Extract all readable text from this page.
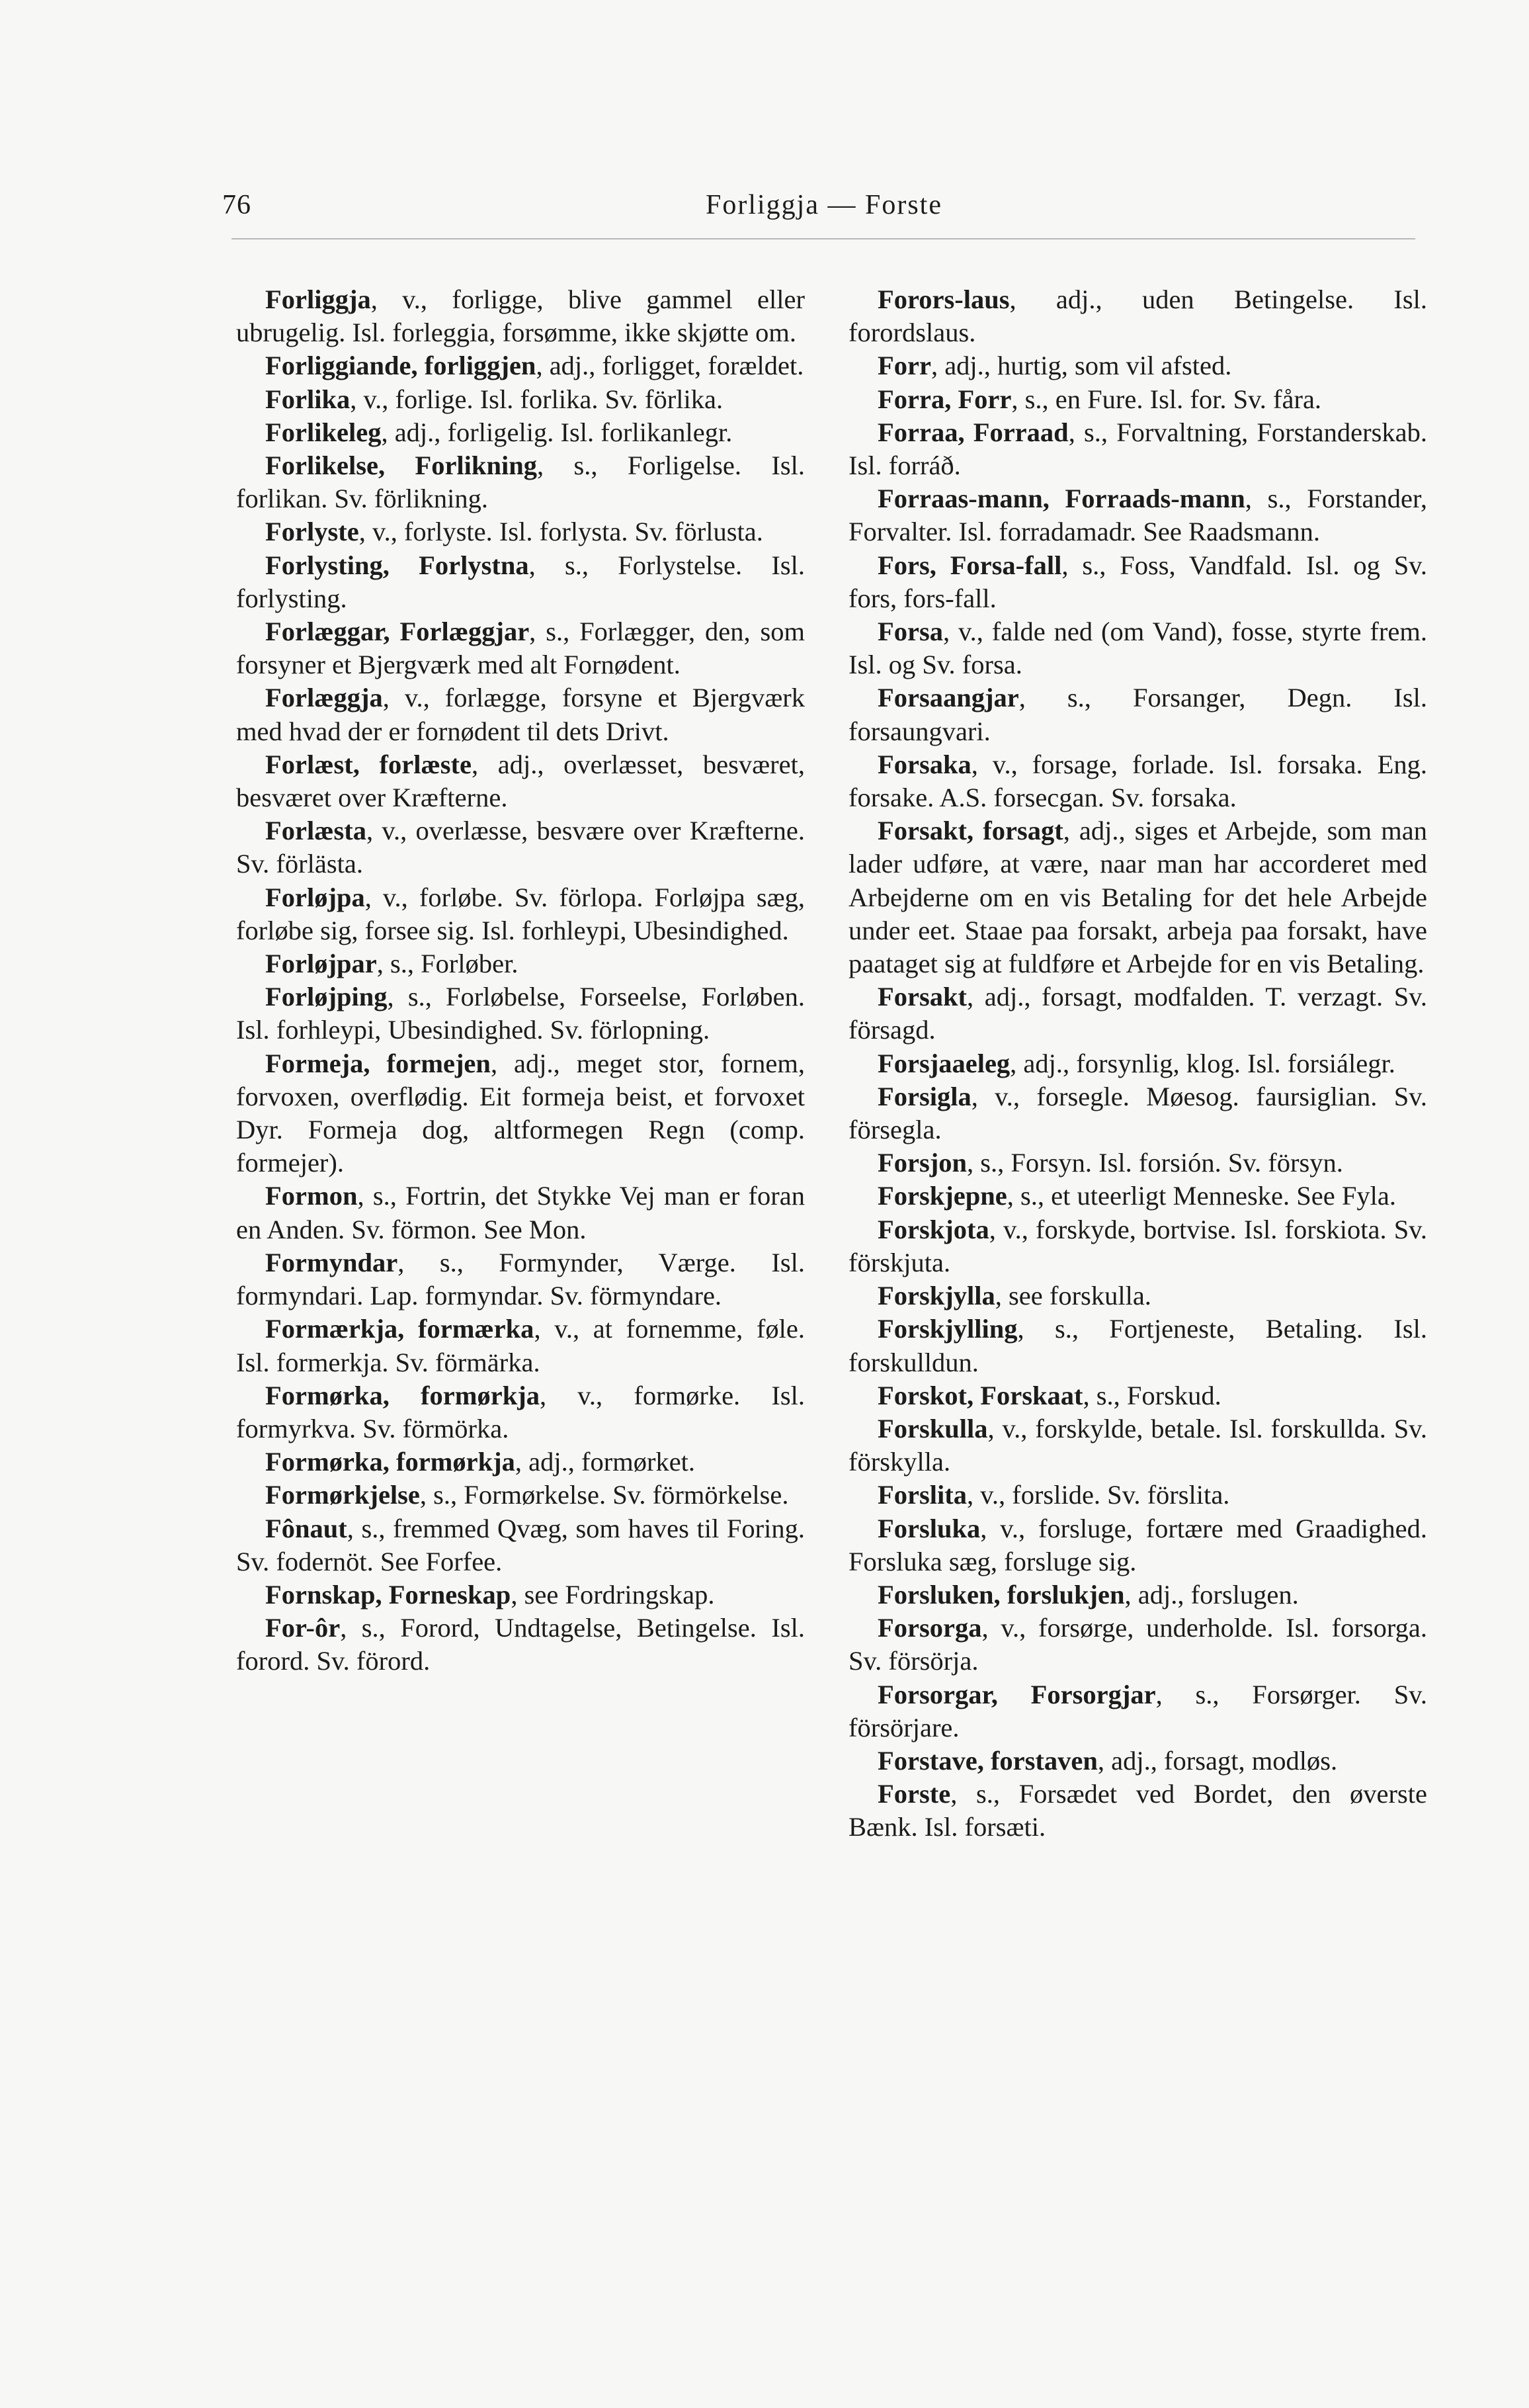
76	Forliggja — Forste

Forliggja, v., forligge, blive gammel eller ubrugelig. Isl. forleggia, forsømme, ikke skjøtte om.

Forliggiande, forliggjen, adj., forligget, forældet.

Forlika, v., forlige. Isl. forlika. Sv. förlika.

Forlikeleg, adj., forligelig. Isl. forlikanlegr.

Forlikelse, Forlikning, s., Forligelse. Isl. forlikan. Sv. förlikning.

Forlyste, v., forlyste. Isl. forlysta. Sv. förlusta.

Forlysting, Forlystna, s., Forlystelse. Isl. forlysting.

Forlæggar, Forlæggjar, s., Forlægger, den, som forsyner et Bjergværk med alt Fornødent.

Forlæggja, v., forlægge, forsyne et Bjergværk med hvad der er fornødent til dets Drivt.

Forlæst, forlæste, adj., overlæsset, besværet, besværet over Kræfterne.

Forlæsta, v., overlæsse, besvære over Kræfterne. Sv. förlästa.

Forløjpa, v., forløbe. Sv. förlopa. Forløjpa sæg, forløbe sig, forsee sig. Isl. forhleypi, Ubesindighed.

Forløjpar, s., Forløber.

Forløjping, s., Forløbelse, Forseelse, Forløben. Isl. forhleypi, Ubesindighed. Sv. förlopning.

Formeja, formejen, adj., meget stor, fornem, forvoxen, overflødig. Eit formeja beist, et forvoxet Dyr. Formeja dog, altformegen Regn (comp. formejer).

Formon, s., Fortrin, det Stykke Vej man er foran en Anden. Sv. förmon. See Mon.

Formyndar, s., Formynder, Værge. Isl. formyndari. Lap. formyndar. Sv. förmyndare.

Formærkja, formærka, v., at fornemme, føle. Isl. formerkja. Sv. förmärka.

Formørka, formørkja, v., formørke. Isl. formyrkva. Sv. förmörka.

Formørka, formørkja, adj., formørket.

Formørkjelse, s., Formørkelse. Sv. förmörkelse.

Fônaut, s., fremmed Qvæg, som haves til Foring. Sv. fodernöt. See Forfee.

Fornskap, Forneskap, see Fordringskap.

For-ôr, s., Forord, Undtagelse, Betingelse. Isl. forord. Sv. förord.

Forors-laus, adj., uden Betingelse. Isl. forordslaus.

Forr, adj., hurtig, som vil afsted.

Forra, Forr, s., en Fure. Isl. for. Sv. fåra.

Forraa, Forraad, s., Forvaltning, Forstanderskab. Isl. forráð.

Forraas-mann, Forraads-mann, s., Forstander, Forvalter. Isl. forradamadr. See Raadsmann.

Fors, Forsa-fall, s., Foss, Vandfald. Isl. og Sv. fors, fors-fall.

Forsa, v., falde ned (om Vand), fosse, styrte frem. Isl. og Sv. forsa.

Forsaangjar, s., Forsanger, Degn. Isl. forsaungvari.

Forsaka, v., forsage, forlade. Isl. forsaka. Eng. forsake. A.S. forsecgan. Sv. forsaka.

Forsakt, forsagt, adj., siges et Arbejde, som man lader udføre, at være, naar man har accorderet med Arbejderne om en vis Betaling for det hele Arbejde under eet. Staae paa forsakt, arbeja paa forsakt, have paataget sig at fuldføre et Arbejde for en vis Betaling.

Forsakt, adj., forsagt, modfalden. T. verzagt. Sv. försagd.

Forsjaaeleg, adj., forsynlig, klog. Isl. forsiálegr.

Forsigla, v., forsegle. Møesog. faursiglian. Sv. försegla.

Forsjon, s., Forsyn. Isl. forsión. Sv. försyn.

Forskjepne, s., et uteerligt Menneske. See Fyla.

Forskjota, v., forskyde, bortvise. Isl. forskiota. Sv. förskjuta.

Forskjylla, see forskulla.

Forskjylling, s., Fortjeneste, Betaling. Isl. forskulldun.

Forskot, Forskaat, s., Forskud.

Forskulla, v., forskylde, betale. Isl. forskullda. Sv. förskylla.

Forslita, v., forslide. Sv. förslita.

Forsluka, v., forsluge, fortære med Graadighed. Forsluka sæg, forsluge sig.

Forsluken, forslukjen, adj., forslugen.

Forsorga, v., forsørge, underholde. Isl. forsorga. Sv. försörja.

Forsorgar, Forsorgjar, s., Forsørger. Sv. försörjare.

Forstave, forstaven, adj., forsagt, modløs.

Forste, s., Forsædet ved Bordet, den øverste Bænk. Isl. forsæti.
